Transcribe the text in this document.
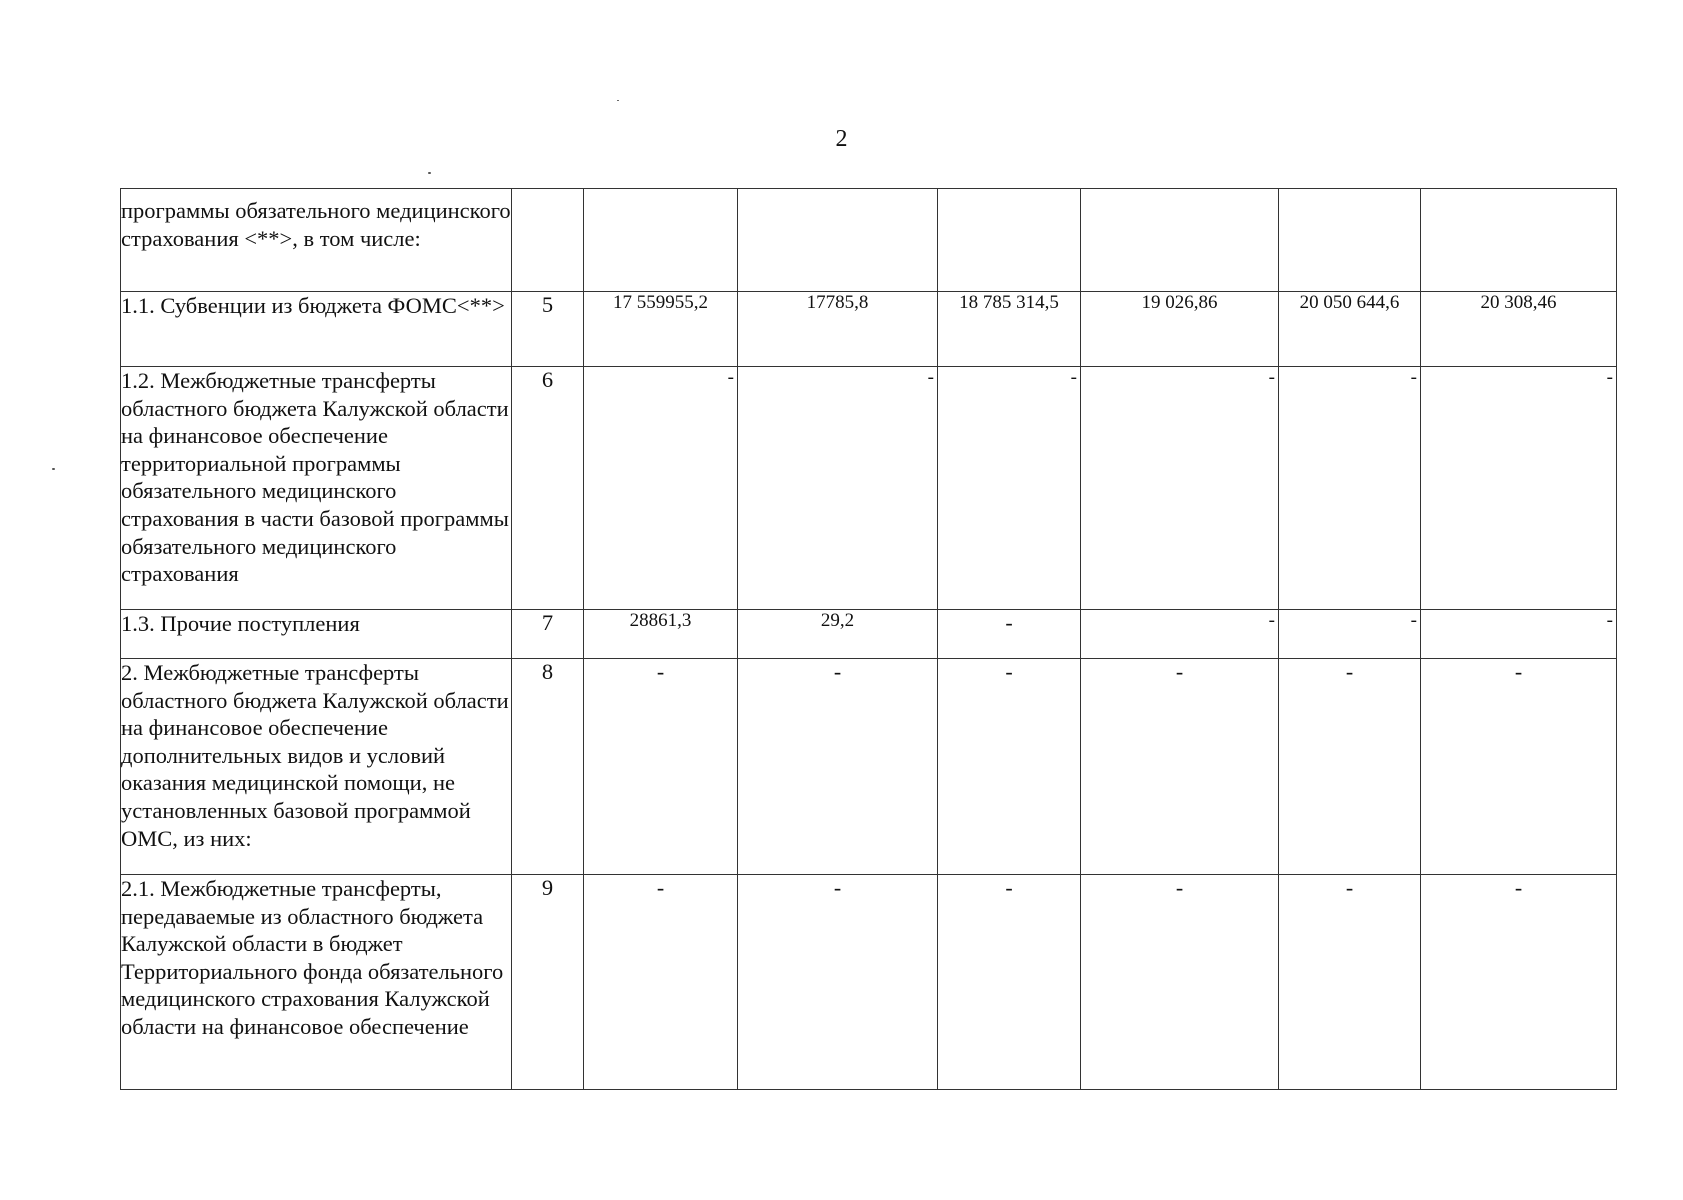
2
программы обязательного медицинского страхования <**>, в том числе:							
1.1. Субвенции из бюджета ФОМС<**>	5	17 559955,2	17785,8	18 785 314,5	19 026,86	20 050 644,6	20 308,46
1.2. Межбюджетные трансферты областного бюджета Калужской области на финансовое обеспечение территориальной программы обязательного медицинского страхования в части базовой программы обязательного медицинского страхования	6	-	-	-	-	-	-
1.3. Прочие поступления	7	28861,3	29,2	-	-	-	-
2. Межбюджетные трансферты областного бюджета Калужской области на финансовое обеспечение дополнительных видов и условий оказания медицинской помощи, не установленных базовой программой ОМС, из них:	8	-	-	-	-	-	-
2.1. Межбюджетные трансферты, передаваемые из областного бюджета Калужской области в бюджет Территориального фонда обязательного медицинского страхования Калужской области на финансовое обеспечение	9	-	-	-	-	-	-
